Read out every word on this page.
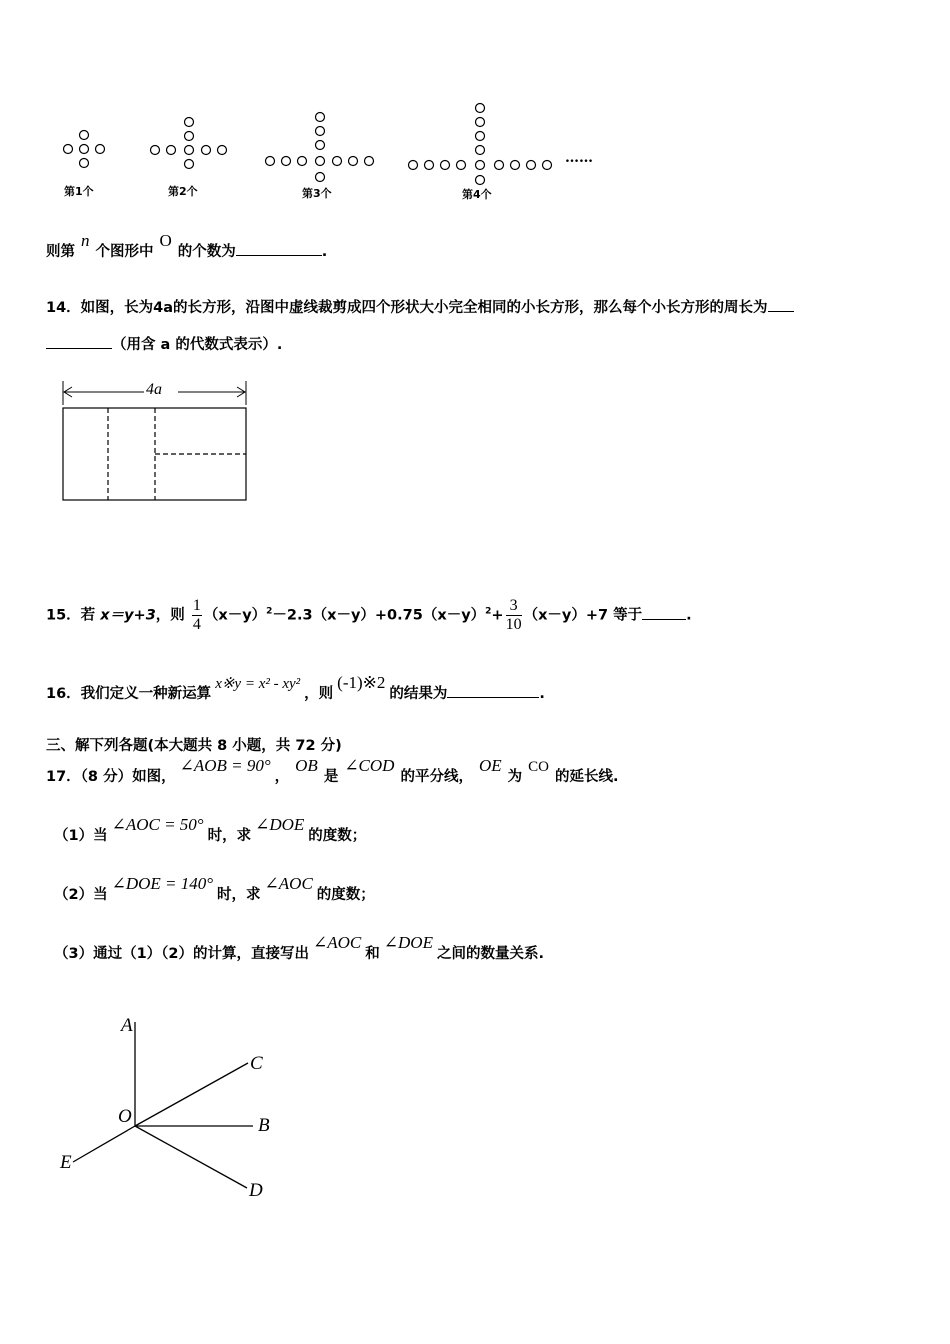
第1个	第2个	第3个	第4个
……
则第n个图形中O的个数为	.
14．如图，长为4a的长方形，沿图中虚线裁剪成四个形状大小完全相同的小长方形，那么每个小长方形的周长为
（用含 a 的代数式表示）.
4a
15．若 x＝y+3，则 $\frac{1}{4} (x-y)^2-2.3(x-y)+0.75(x-y)^2+ \frac{3}{10} (x-y)+7$ 等于	.
16．我们定义一种新运算x※y = x² - xy²，则(-1)※2的结果为	.
三、解下列各题(本大题共 8 小题，共 72 分)
17．（8 分）如图，∠AOB = 90°，OB是∠COD的平分线，OE为CO的延长线.
（1）当∠AOC = 50°时，求∠DOE的度数；
（2）当∠DOE = 140°时，求∠AOC的度数；
（3）通过（1）（2）的计算，直接写出∠AOC和∠DOE之间的数量关系.
A
C
O	B
E
D
